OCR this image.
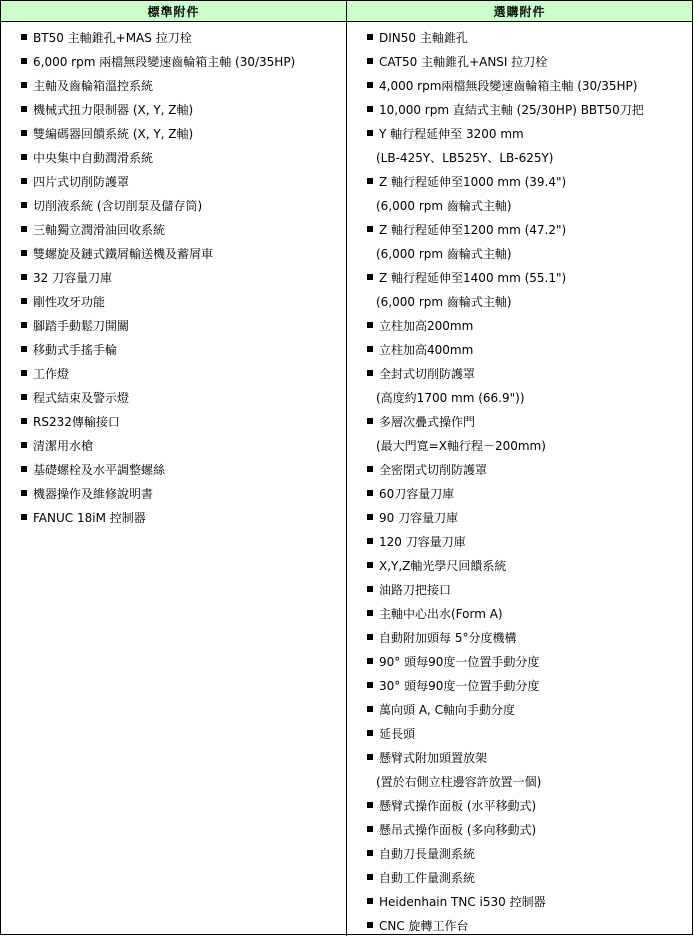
標準附件	選購附件
BT50 主軸錐孔+MAS 拉刀栓
6,000 rpm 兩檔無段變速齒輪箱主軸 (30/35HP)
主軸及齒輪箱溫控系統
機械式扭力限制器 (X, Y, Z軸)
雙編碼器回饋系統 (X, Y, Z軸)
中央集中自動潤滑系統
四片式切削防護罩
切削液系統 (含切削泵及儲存筒)
三軸獨立潤滑油回收系統
雙螺旋及鏈式鐵屑輸送機及蓄屑車
32 刀容量刀庫
剛性攻牙功能
腳踏手動鬆刀開關
移動式手搖手輪
工作燈
程式結束及警示燈
RS232傳輸接口
清潔用水槍
基礎螺栓及水平調整螺絲
機器操作及維修說明書
FANUC 18iM 控制器
DIN50 主軸錐孔
CAT50 主軸錐孔+ANSI 拉刀栓
4,000 rpm兩檔無段變速齒輪箱主軸 (30/35HP)
10,000 rpm 直結式主軸 (25/30HP) BBT50刀把
Y 軸行程延伸至 3200 mm
(LB-425Y、LB525Y、LB-625Y)
Z 軸行程延伸至1000 mm (39.4")
(6,000 rpm 齒輪式主軸)
Z 軸行程延伸至1200 mm (47.2")
(6,000 rpm 齒輪式主軸)
Z 軸行程延伸至1400 mm (55.1")
(6,000 rpm 齒輪式主軸)
立柱加高200mm
立柱加高400mm
全封式切削防護罩
(高度約1700 mm (66.9"))
多層次疊式操作門
(最大門寬=X軸行程－200mm)
全密閉式切削防護罩
60刀容量刀庫
90 刀容量刀庫
120 刀容量刀庫
X,Y,Z軸光學尺回饋系統
油路刀把接口
主軸中心出水(Form A)
自動附加頭每 5°分度機構
90° 頭每90度一位置手動分度
30° 頭每90度一位置手動分度
萬向頭 A, C軸向手動分度
延長頭
懸臂式附加頭置放架
(置於右側立柱邊容許放置一個)
懸臂式操作面板 (水平移動式)
懸吊式操作面板 (多向移動式)
自動刀長量測系統
自動工件量測系統
Heidenhain TNC i530 控制器
CNC 旋轉工作台
